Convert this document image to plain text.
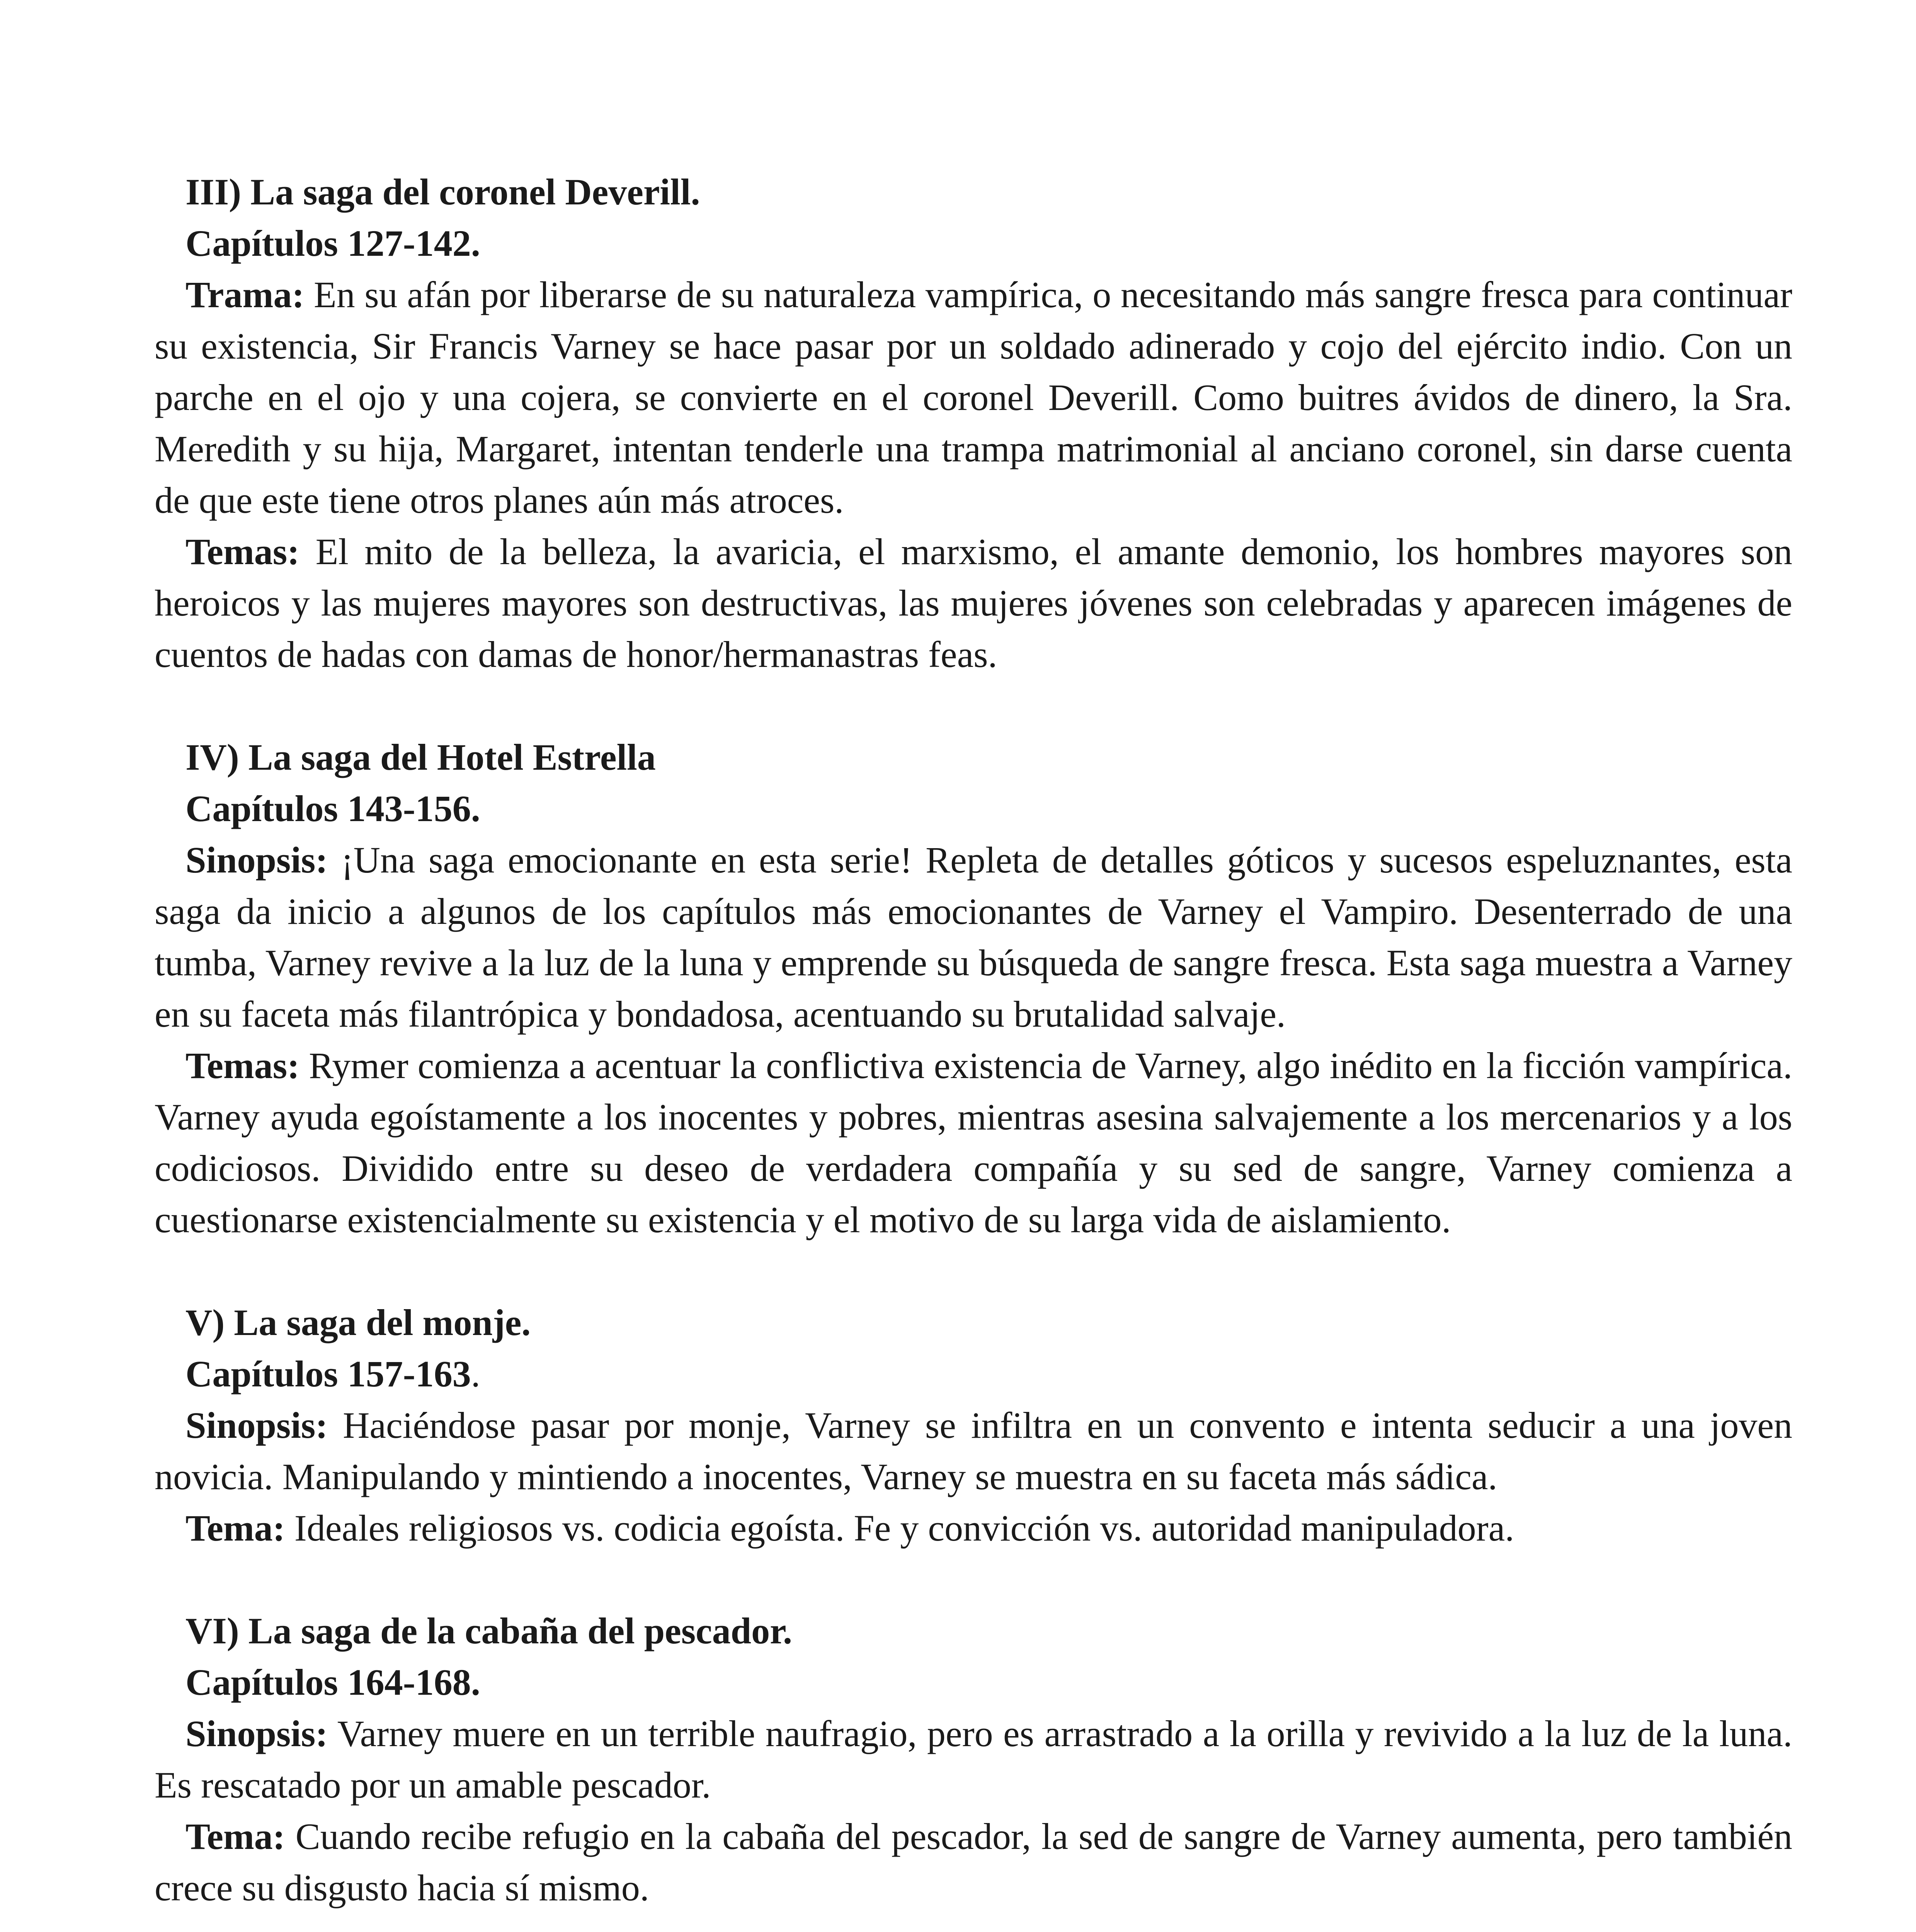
III) La saga del coronel Deverill.
Capítulos 127-142.
Trama: En su afán por liberarse de su naturaleza vampírica, o necesitando más sangre fresca para continuar su existencia, Sir Francis Varney se hace pasar por un soldado adinerado y cojo del ejército indio. Con un parche en el ojo y una cojera, se convierte en el coronel Deverill. Como buitres ávidos de dinero, la Sra. Meredith y su hija, Margaret, intentan tenderle una trampa matrimonial al anciano coronel, sin darse cuenta de que este tiene otros planes aún más atroces.
Temas: El mito de la belleza, la avaricia, el marxismo, el amante demonio, los hombres mayores son heroicos y las mujeres mayores son destructivas, las mujeres jóvenes son celebradas y aparecen imágenes de cuentos de hadas con damas de honor/hermanastras feas.
IV) La saga del Hotel Estrella
Capítulos 143-156.
Sinopsis: ¡Una saga emocionante en esta serie! Repleta de detalles góticos y sucesos espeluznantes, esta saga da inicio a algunos de los capítulos más emocionantes de Varney el Vampiro. Desenterrado de una tumba, Varney revive a la luz de la luna y emprende su búsqueda de sangre fresca. Esta saga muestra a Varney en su faceta más filantrópica y bondadosa, acentuando su brutalidad salvaje.
Temas: Rymer comienza a acentuar la conflictiva existencia de Varney, algo inédito en la ficción vampírica. Varney ayuda egoístamente a los inocentes y pobres, mientras asesina salvajemente a los mercenarios y a los codiciosos. Dividido entre su deseo de verdadera compañía y su sed de sangre, Varney comienza a cuestionarse existencialmente su existencia y el motivo de su larga vida de aislamiento.
V) La saga del monje.
Capítulos 157-163.
Sinopsis: Haciéndose pasar por monje, Varney se infiltra en un convento e intenta seducir a una joven novicia. Manipulando y mintiendo a inocentes, Varney se muestra en su faceta más sádica.
Tema: Ideales religiosos vs. codicia egoísta. Fe y convicción vs. autoridad manipuladora.
VI) La saga de la cabaña del pescador.
Capítulos 164-168.
Sinopsis: Varney muere en un terrible naufragio, pero es arrastrado a la orilla y revivido a la luz de la luna. Es rescatado por un amable pescador.
Tema: Cuando recibe refugio en la cabaña del pescador, la sed de sangre de Varney aumenta, pero también crece su disgusto hacia sí mismo.
